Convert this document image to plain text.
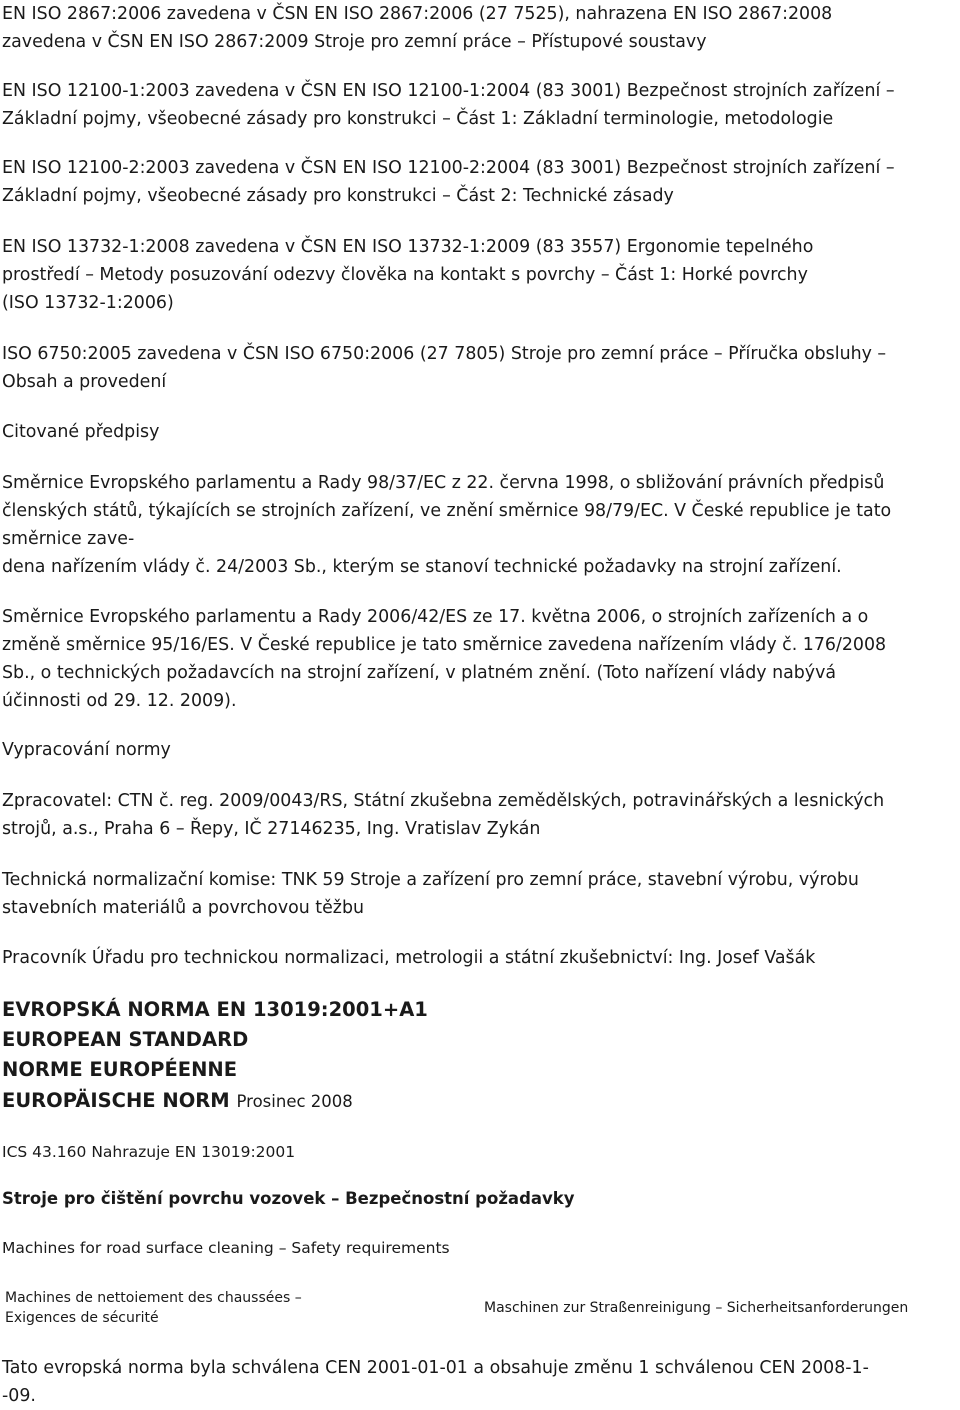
EN ISO 2867:2006 zavedena v ČSN EN ISO 2867:2006 (27 7525), nahrazena EN ISO 2867:2008
zavedena v ČSN EN ISO 2867:2009 Stroje pro zemní práce – Přístupové soustavy
EN ISO 12100-1:2003 zavedena v ČSN EN ISO 12100-1:2004 (83 3001) Bezpečnost strojních zařízení –
Základní pojmy, všeobecné zásady pro konstrukci – Část 1: Základní terminologie, metodologie
EN ISO 12100-2:2003 zavedena v ČSN EN ISO 12100-2:2004 (83 3001) Bezpečnost strojních zařízení –
Základní pojmy, všeobecné zásady pro konstrukci – Část 2: Technické zásady
EN ISO 13732-1:2008 zavedena v ČSN EN ISO 13732-1:2009 (83 3557) Ergonomie tepelného
prostředí – Metody posuzování odezvy člověka na kontakt s povrchy – Část 1: Horké povrchy
(ISO 13732-1:2006)
ISO 6750:2005 zavedena v ČSN ISO 6750:2006 (27 7805) Stroje pro zemní práce – Příručka obsluhy –
Obsah a provedení
Citované předpisy
Směrnice Evropského parlamentu a Rady 98/37/EC z 22. června 1998, o sbližování právních předpisů
členských států, týkajících se strojních zařízení, ve znění směrnice 98/79/EC. V České republice je tato
směrnice zave-
dena nařízením vlády č. 24/2003 Sb., kterým se stanoví technické požadavky na strojní zařízení.
Směrnice Evropského parlamentu a Rady 2006/42/ES ze 17. května 2006, o strojních zařízeních a o
změně směrnice 95/16/ES. V České republice je tato směrnice zavedena nařízením vlády č. 176/2008
Sb., o technických požadavcích na strojní zařízení, v platném znění. (Toto nařízení vlády nabývá
účinnosti od 29. 12. 2009).
Vypracování normy
Zpracovatel: CTN č. reg. 2009/0043/RS, Státní zkušebna zemědělských, potravinářských a lesnických
strojů, a.s., Praha 6 – Řepy, IČ 27146235, Ing. Vratislav Zykán
Technická normalizační komise: TNK 59 Stroje a zařízení pro zemní práce, stavební výrobu, výrobu
stavebních materiálů a povrchovou těžbu
Pracovník Úřadu pro technickou normalizaci, metrologii a státní zkušebnictví: Ing. Josef Vašák
EVROPSKÁ NORMA EN 13019:2001+A1
EUROPEAN STANDARD
NORME EUROPÉENNE
EUROPÄISCHE NORM Prosinec 2008
ICS 43.160 Nahrazuje EN 13019:2001
Stroje pro čištění povrchu vozovek – Bezpečnostní požadavky
Machines for road surface cleaning – Safety requirements
Machines de nettoiement des chaussées –
Exigences de sécurité
Maschinen zur Straßenreinigung – Sicherheitsanforderungen
Tato evropská norma byla schválena CEN 2001-01-01 a obsahuje změnu 1 schválenou CEN 2008-1-
-09.
